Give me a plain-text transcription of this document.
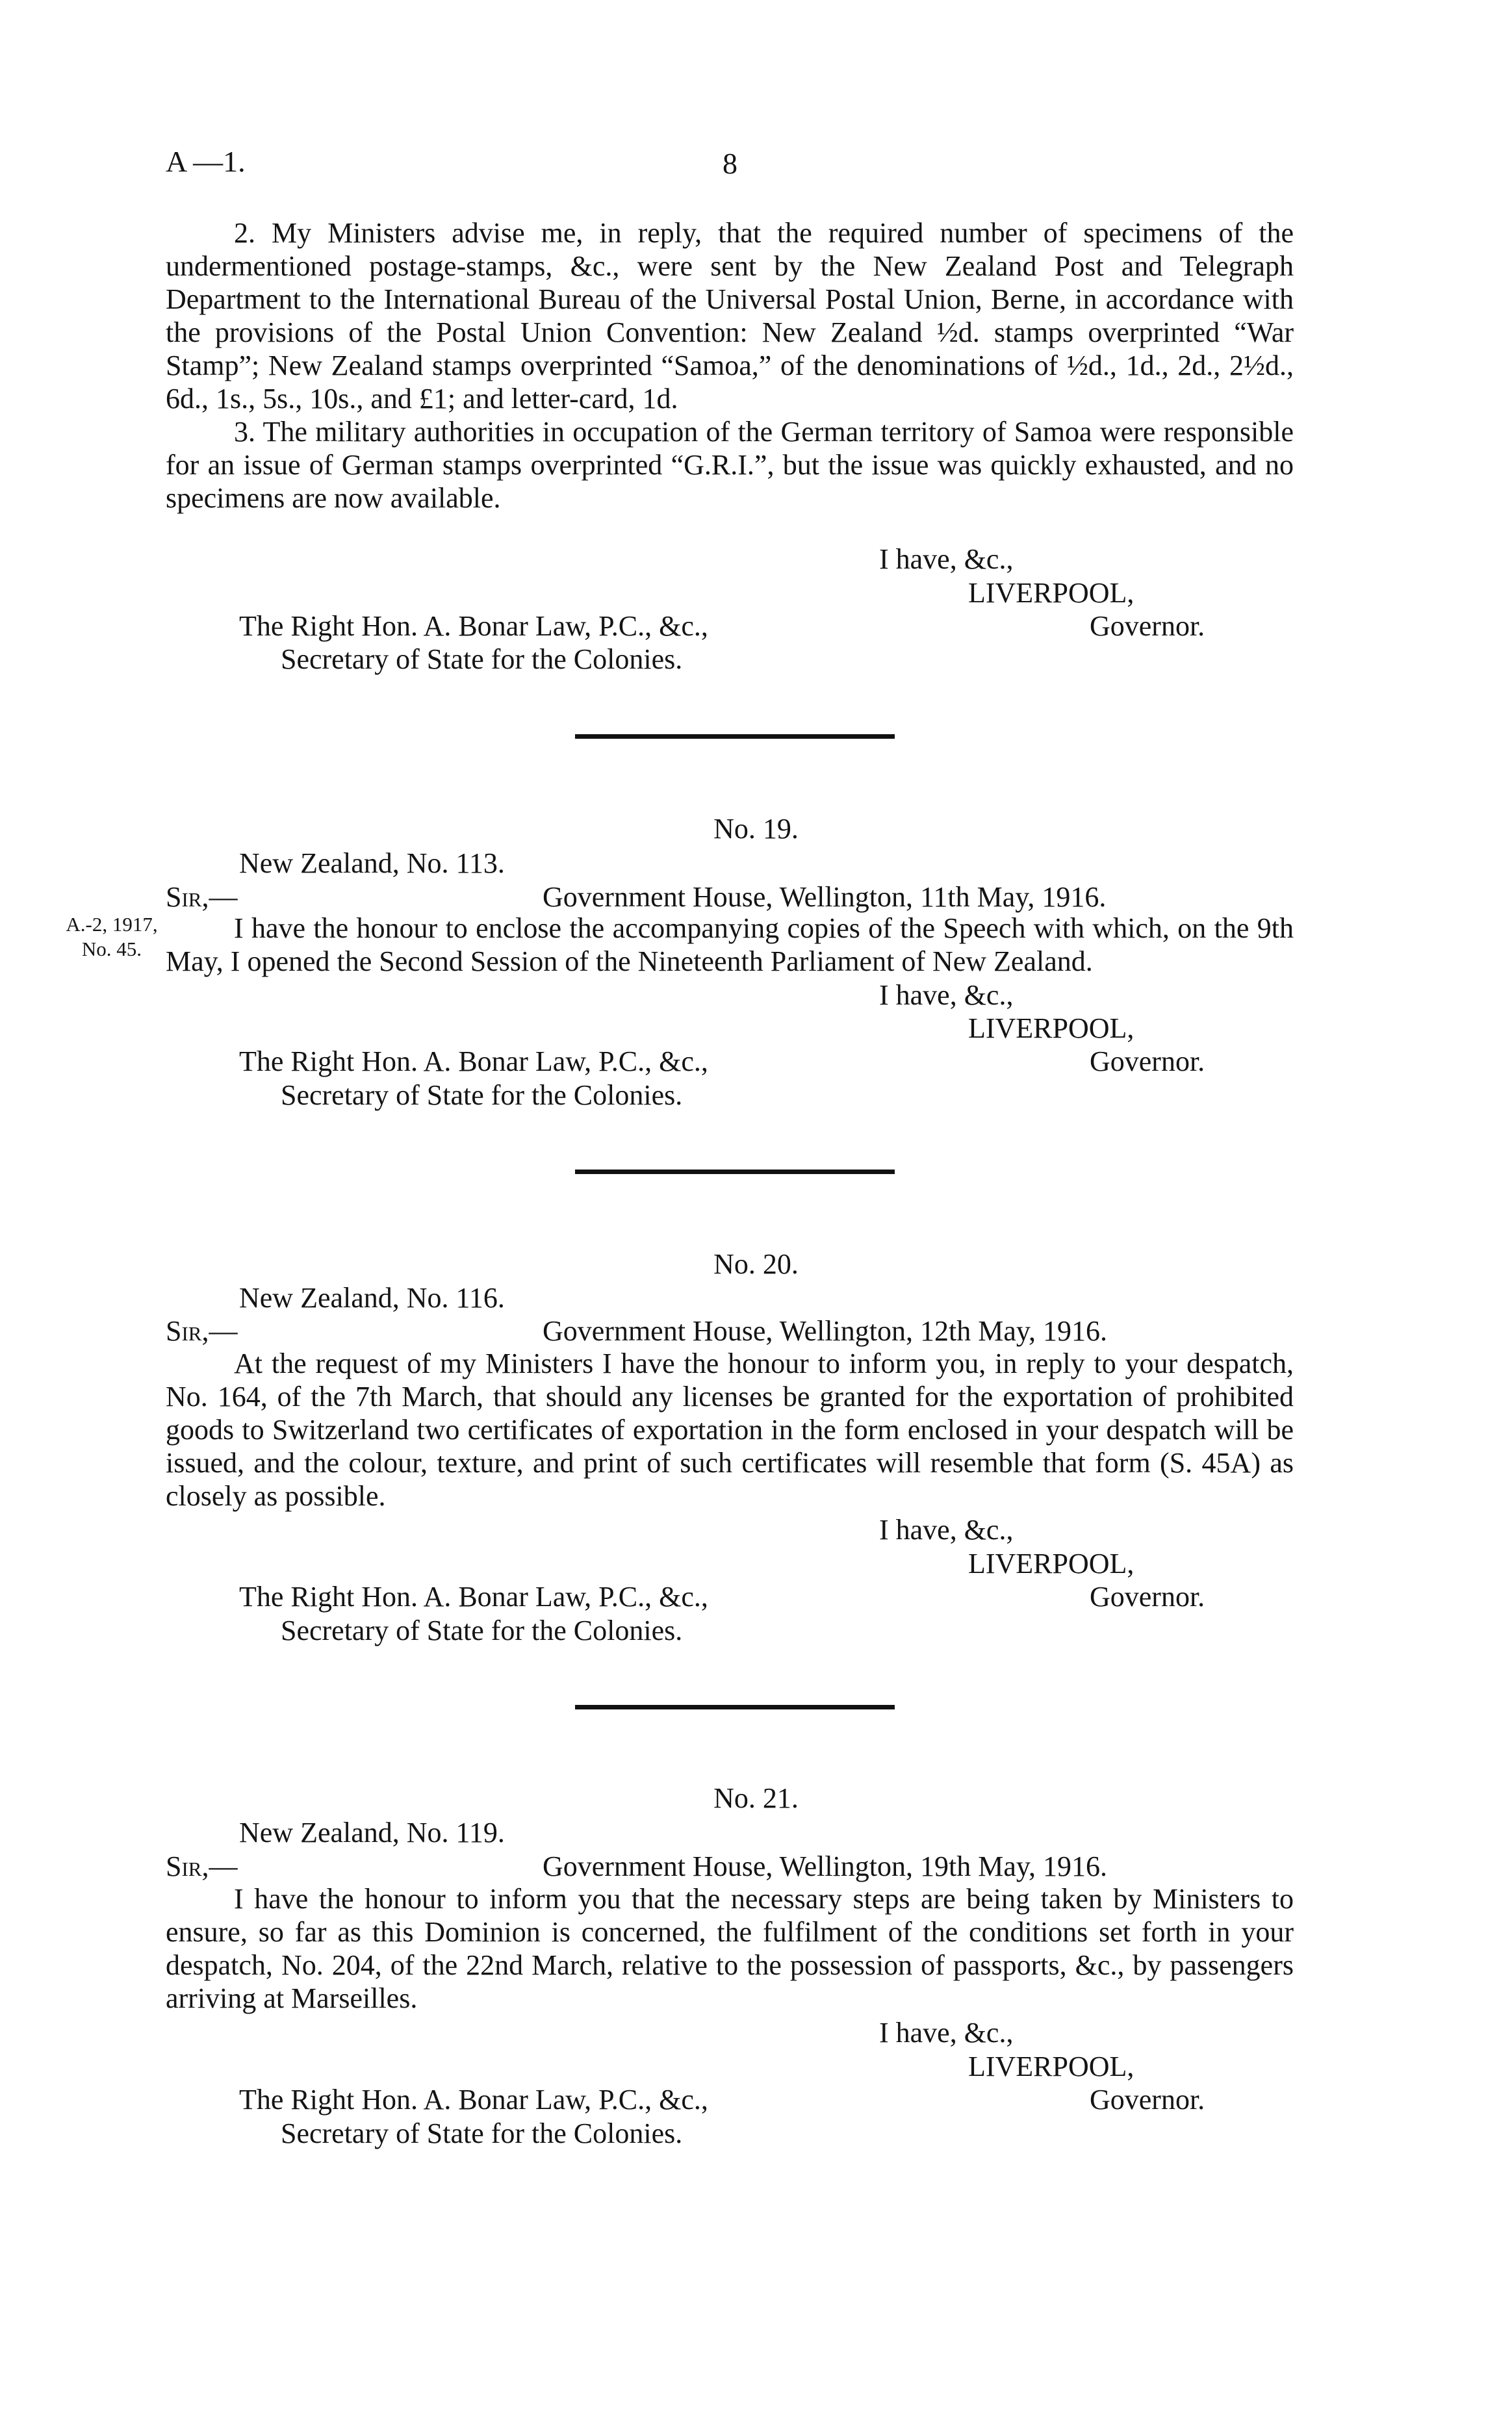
A —1.	8

2. My Ministers advise me, in reply, that the required number of specimens of the undermentioned postage-stamps, &c., were sent by the New Zealand Post and Telegraph Department to the International Bureau of the Universal Postal Union, Berne, in accordance with the provisions of the Postal Union Convention: New Zealand ½d. stamps overprinted “War Stamp”; New Zealand stamps overprinted “Samoa,” of the denominations of ½d., 1d., 2d., 2½d., 6d., 1s., 5s., 10s., and £1; and letter-card, 1d.

3. The military authorities in occupation of the German territory of Samoa were responsible for an issue of German stamps overprinted “G.R.I.”, but the issue was quickly exhausted, and no specimens are now available.

I have, &c.,
LIVERPOOL,
The Right Hon. A. Bonar Law, P.C., &c.,	Governor.
Secretary of State for the Colonies.
No. 19.
New Zealand, No. 113.
Sir,—	Government House, Wellington, 11th May, 1916.
A.-2, 1917,
No. 45.

I have the honour to enclose the accompanying copies of the Speech with which, on the 9th May, I opened the Second Session of the Nineteenth Parliament of New Zealand.

I have, &c.,
LIVERPOOL,
The Right Hon. A. Bonar Law, P.C., &c.,	Governor.
Secretary of State for the Colonies.
No. 20.
New Zealand, No. 116.
Sir,—	Government House, Wellington, 12th May, 1916.

At the request of my Ministers I have the honour to inform you, in reply to your despatch, No. 164, of the 7th March, that should any licenses be granted for the exportation of prohibited goods to Switzerland two certificates of exportation in the form enclosed in your despatch will be issued, and the colour, texture, and print of such certificates will resemble that form (S. 45A) as closely as possible.

I have, &c.,
LIVERPOOL,
The Right Hon. A. Bonar Law, P.C., &c.,	Governor.
Secretary of State for the Colonies.
No. 21.
New Zealand, No. 119.
Sir,—	Government House, Wellington, 19th May, 1916.

I have the honour to inform you that the necessary steps are being taken by Ministers to ensure, so far as this Dominion is concerned, the fulfilment of the conditions set forth in your despatch, No. 204, of the 22nd March, relative to the possession of passports, &c., by passengers arriving at Marseilles.

I have, &c.,
LIVERPOOL,
The Right Hon. A. Bonar Law, P.C., &c.,	Governor.
Secretary of State for the Colonies.
